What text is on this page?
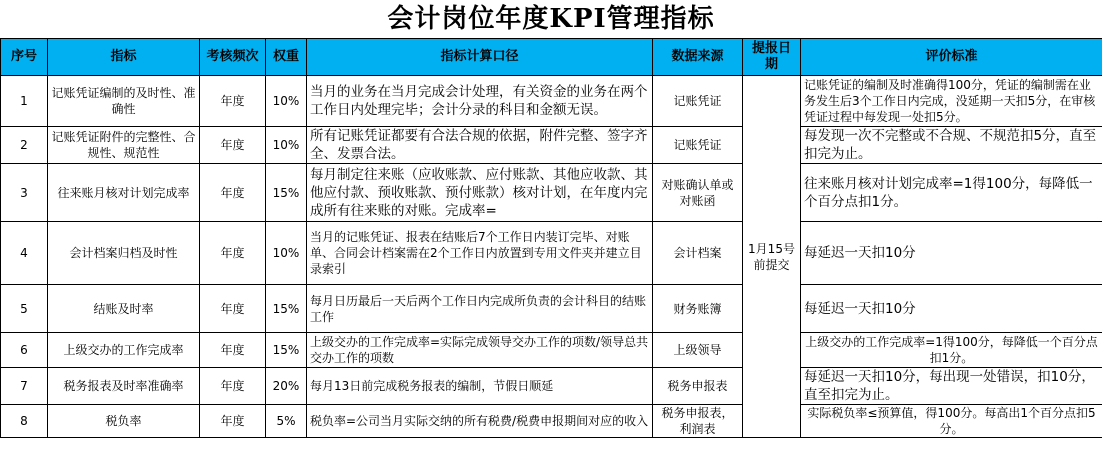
会计岗位年度KPI管理指标
序号	指标	考核频次	权重	指标计算口径	数据来源	提报日期	评价标准
1	记账凭证编制的及时性、准确性	年度	10%	当月的业务在当月完成会计处理，有关资金的业务在两个工作日内处理完毕；会计分录的科目和金额无误。	记账凭证	1月15号前提交	记账凭证的编制及时准确得100分，凭证的编制需在业务发生后3个工作日内完成，没延期一天扣5分，在审核凭证过程中每发现一处扣5分。
2	记账凭证附件的完整性、合规性、规范性	年度	10%	所有记账凭证都要有合法合规的依据，附件完整、签字齐全、发票合法。	记账凭证		每发现一次不完整或不合规、不规范扣5分，直至扣完为止。
3	往来账月核对计划完成率	年度	15%	每月制定往来账（应收账款、应付账款、其他应收款、其他应付款、预收账款、预付账款）核对计划，在年度内完成所有往来账的对账。完成率=	对账确认单或对账函		往来账月核对计划完成率=1得100分，每降低一个百分点扣1分。
4	会计档案归档及时性	年度	10%	当月的记账凭证、报表在结账后7个工作日内装订完毕、对账单、合同会计档案需在2个工作日内放置到专用文件夹并建立目录索引	会计档案		每延迟一天扣10分
5	结账及时率	年度	15%	每月日历最后一天后两个工作日内完成所负责的会计科目的结账工作	财务账簿		每延迟一天扣10分
6	上级交办的工作完成率	年度	15%	上级交办的工作完成率=实际完成领导交办工作的项数/领导总共交办工作的项数	上级领导		上级交办的工作完成率=1得100分，每降低一个百分点扣1分。
7	税务报表及时率准确率	年度	20%	每月13日前完成税务报表的编制，节假日顺延	税务申报表		每延迟一天扣10分，每出现一处错误，扣10分，直至扣完为止。
8	税负率	年度	5%	税负率=公司当月实际交纳的所有税费/税费申报期间对应的收入	税务申报表，利润表		实际税负率≤预算值，得100分。每高出1个百分点扣5分。
